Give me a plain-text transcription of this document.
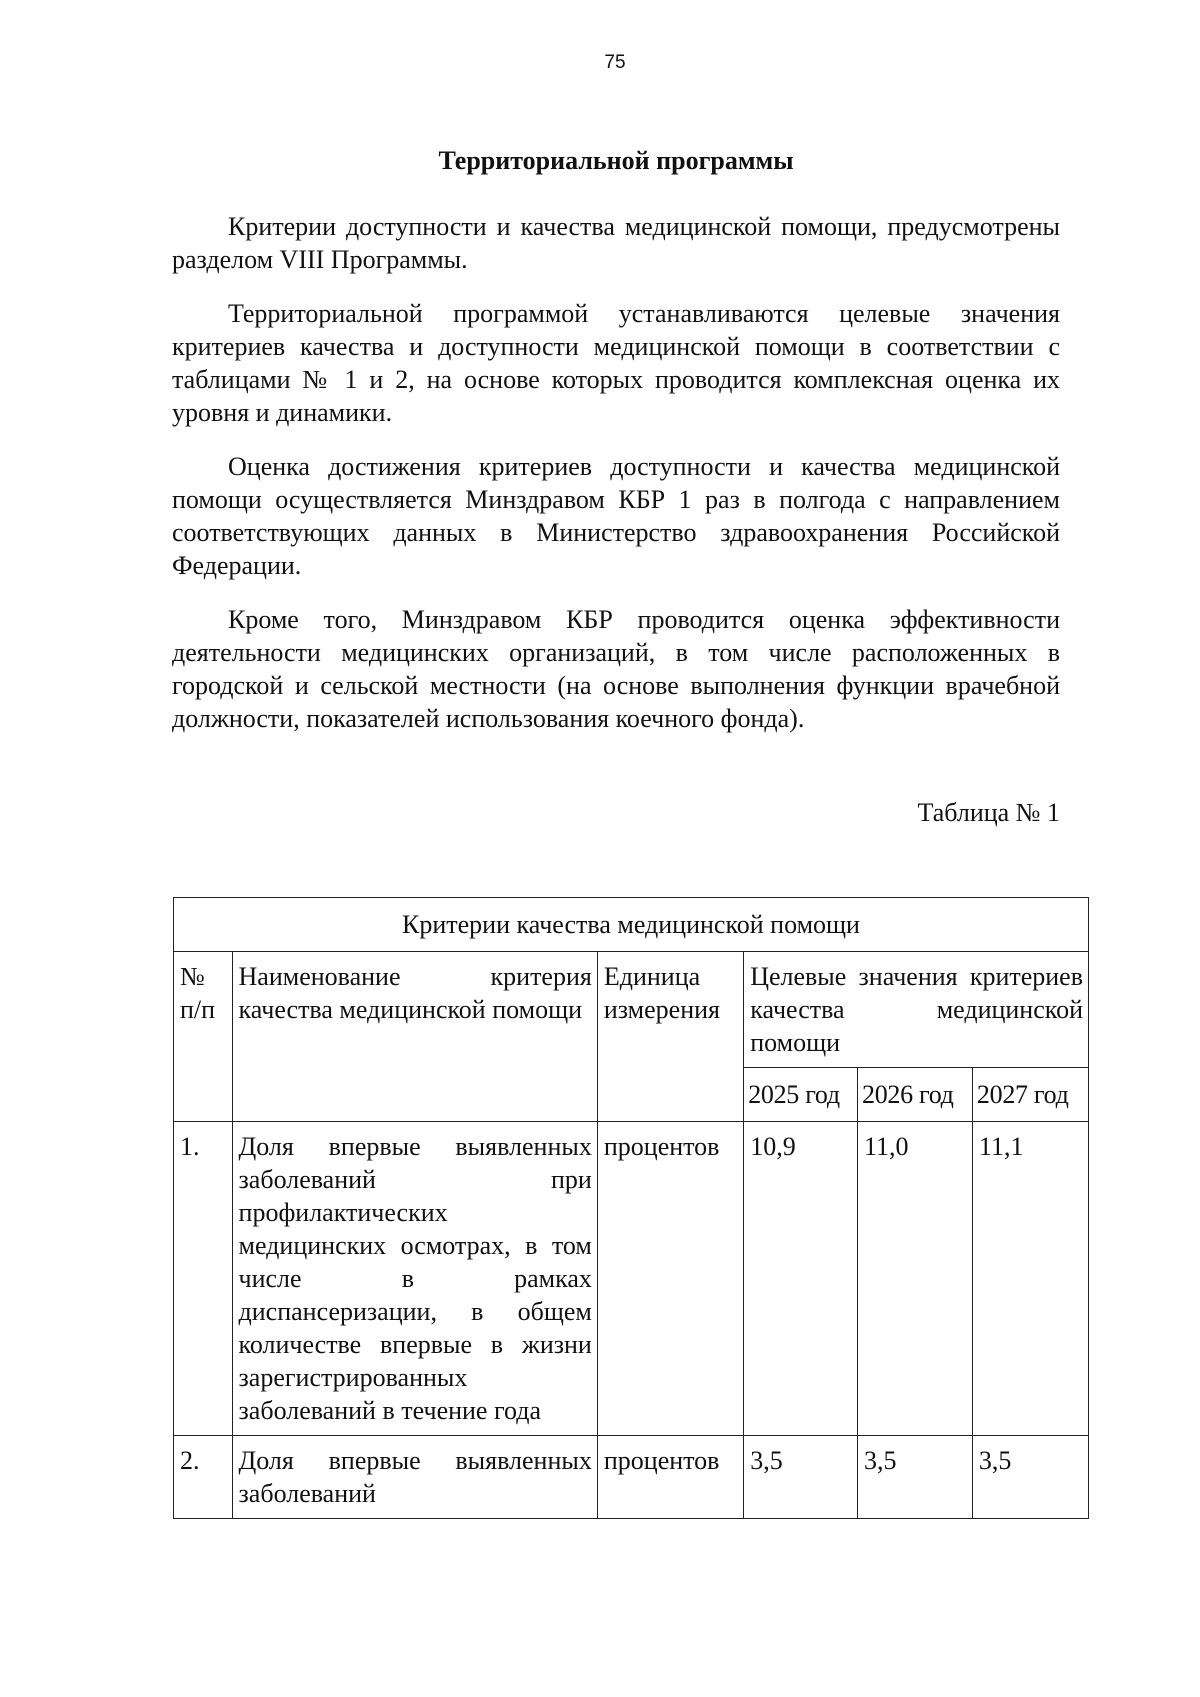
75
Территориальной программы

Критерии доступности и качества медицинской помощи, предусмотрены разделом VIII Программы.

Территориальной программой устанавливаются целевые значения критериев качества и доступности медицинской помощи в соответствии с таблицами № 1 и 2, на основе которых проводится комплексная оценка их уровня и динамики.

Оценка достижения критериев доступности и качества медицинской помощи осуществляется Минздравом КБР 1 раз в полгода с направлением соответствующих данных в Министерство здравоохранения Российской Федерации.

Кроме того, Минздравом КБР проводится оценка эффективности деятельности медицинских организаций, в том числе расположенных в городской и сельской местности (на основе выполнения функции врачебной должности, показателей использования коечного фонда).

Таблица № 1
Критерии качества медицинской помощи					
№ п/п	Наименование критерия качества медицинской помощи	Единица измерения	Целевые значения критериев качества медицинской помощи		
			2025 год	2026 год	2027 год
1.	Доля впервые выявленных заболеваний при профилактических медицинских осмотрах, в том числе в рамках диспансеризации, в общем количестве впервые в жизни зарегистрированных заболеваний в течение года	процентов	10,9	11,0	11,1
2.	Доля впервые выявленных заболеваний	процентов	3,5	3,5	3,5
